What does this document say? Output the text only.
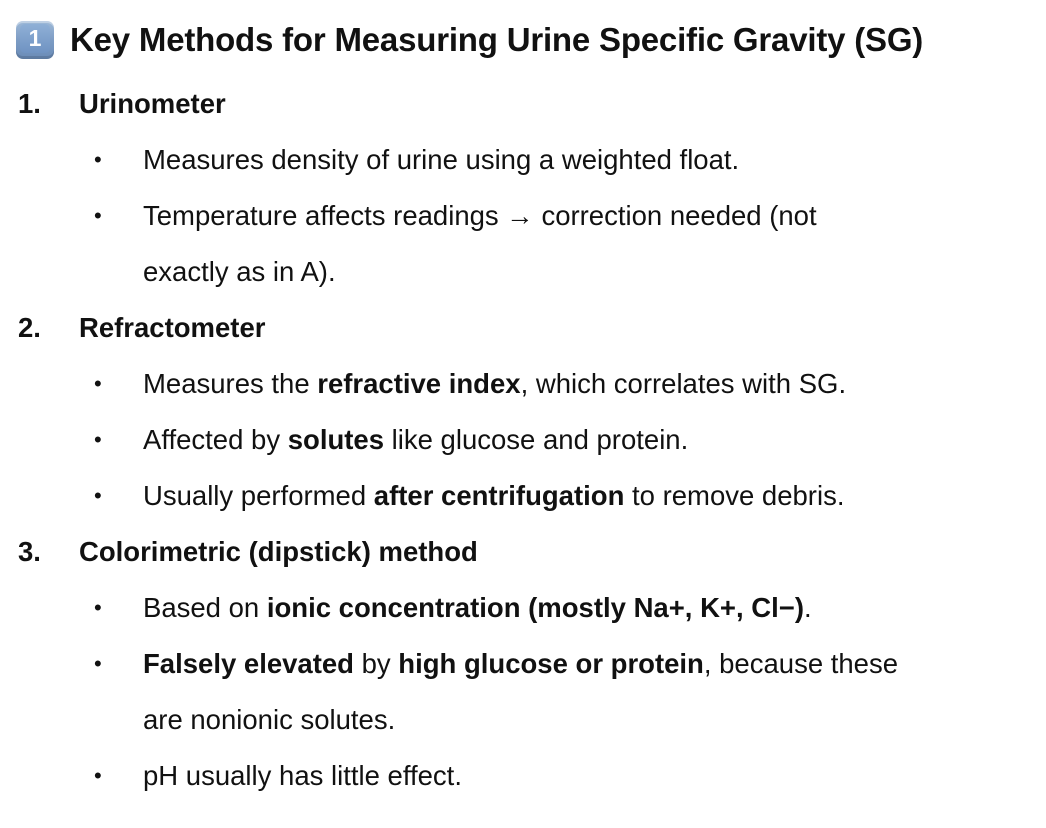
1 Key Methods for Measuring Urine Specific Gravity (SG)
1. Urinometer
• Measures density of urine using a weighted float.
• Temperature affects readings → correction needed (not
exactly as in A).
2. Refractometer
• Measures the refractive index, which correlates with SG.
• Affected by solutes like glucose and protein.
• Usually performed after centrifugation to remove debris.
3. Colorimetric (dipstick) method
• Based on ionic concentration (mostly Na+, K+, Cl−).
• Falsely elevated by high glucose or protein, because these
are nonionic solutes.
• pH usually has little effect.
